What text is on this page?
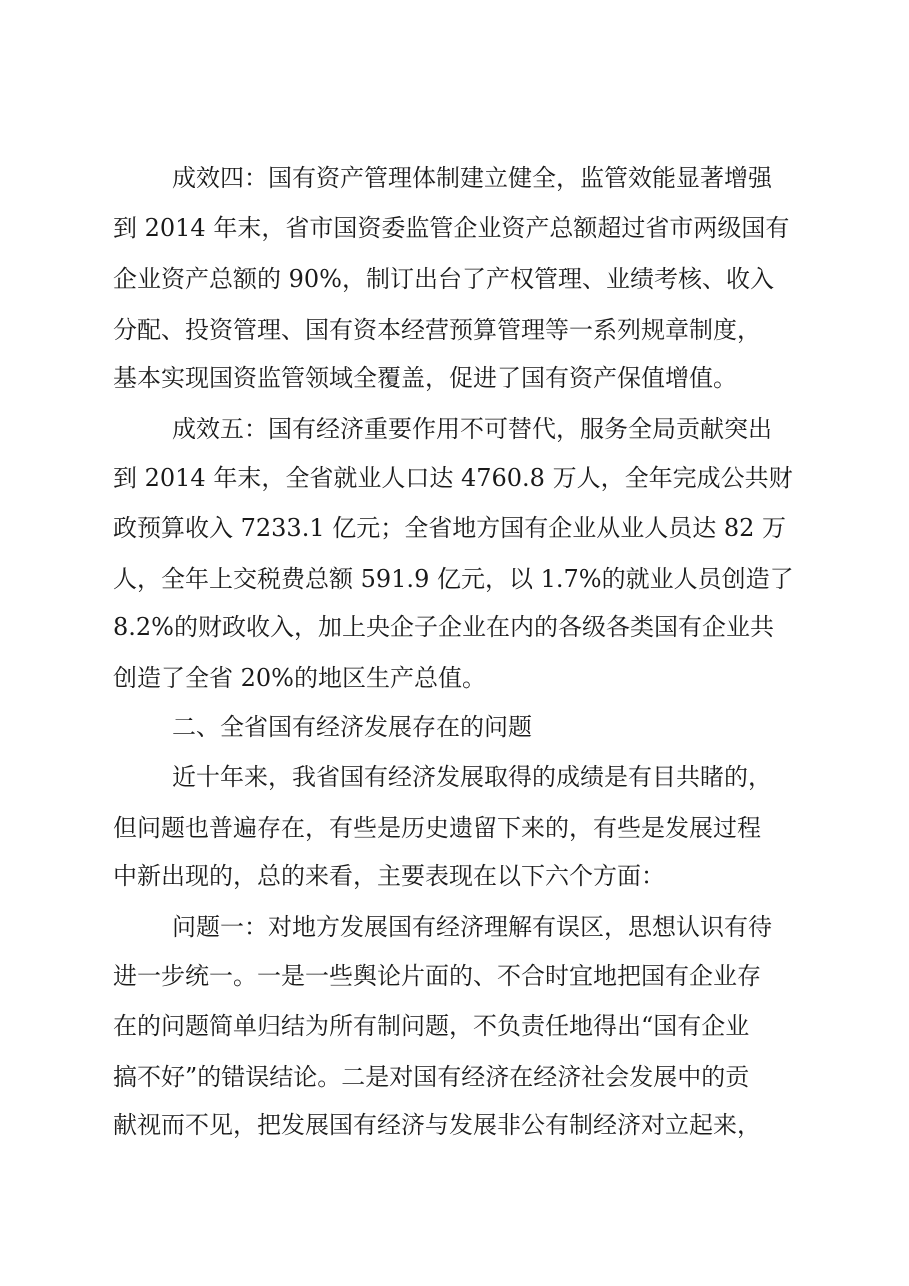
成效四：国有资产管理体制建立健全，监管效能显著增强
到 2014 年末，省市国资委监管企业资产总额超过省市两级国有
企业资产总额的 90%，制订出台了产权管理、业绩考核、收入
分配、投资管理、国有资本经营预算管理等一系列规章制度，
基本实现国资监管领域全覆盖，促进了国有资产保值增值。
成效五：国有经济重要作用不可替代，服务全局贡献突出
到 2014 年末，全省就业人口达 4760.8 万人，全年完成公共财
政预算收入 7233.1 亿元；全省地方国有企业从业人员达 82 万
人，全年上交税费总额 591.9 亿元，以 1.7%的就业人员创造了
8.2%的财政收入，加上央企子企业在内的各级各类国有企业共
创造了全省 20%的地区生产总值。
二、全省国有经济发展存在的问题
近十年来，我省国有经济发展取得的成绩是有目共睹的，
但问题也普遍存在，有些是历史遗留下来的，有些是发展过程
中新出现的，总的来看，主要表现在以下六个方面：
问题一：对地方发展国有经济理解有误区，思想认识有待
进一步统一。一是一些舆论片面的、不合时宜地把国有企业存
在的问题简单归结为所有制问题，不负责任地得出“国有企业
搞不好”的错误结论。二是对国有经济在经济社会发展中的贡
献视而不见，把发展国有经济与发展非公有制经济对立起来，
